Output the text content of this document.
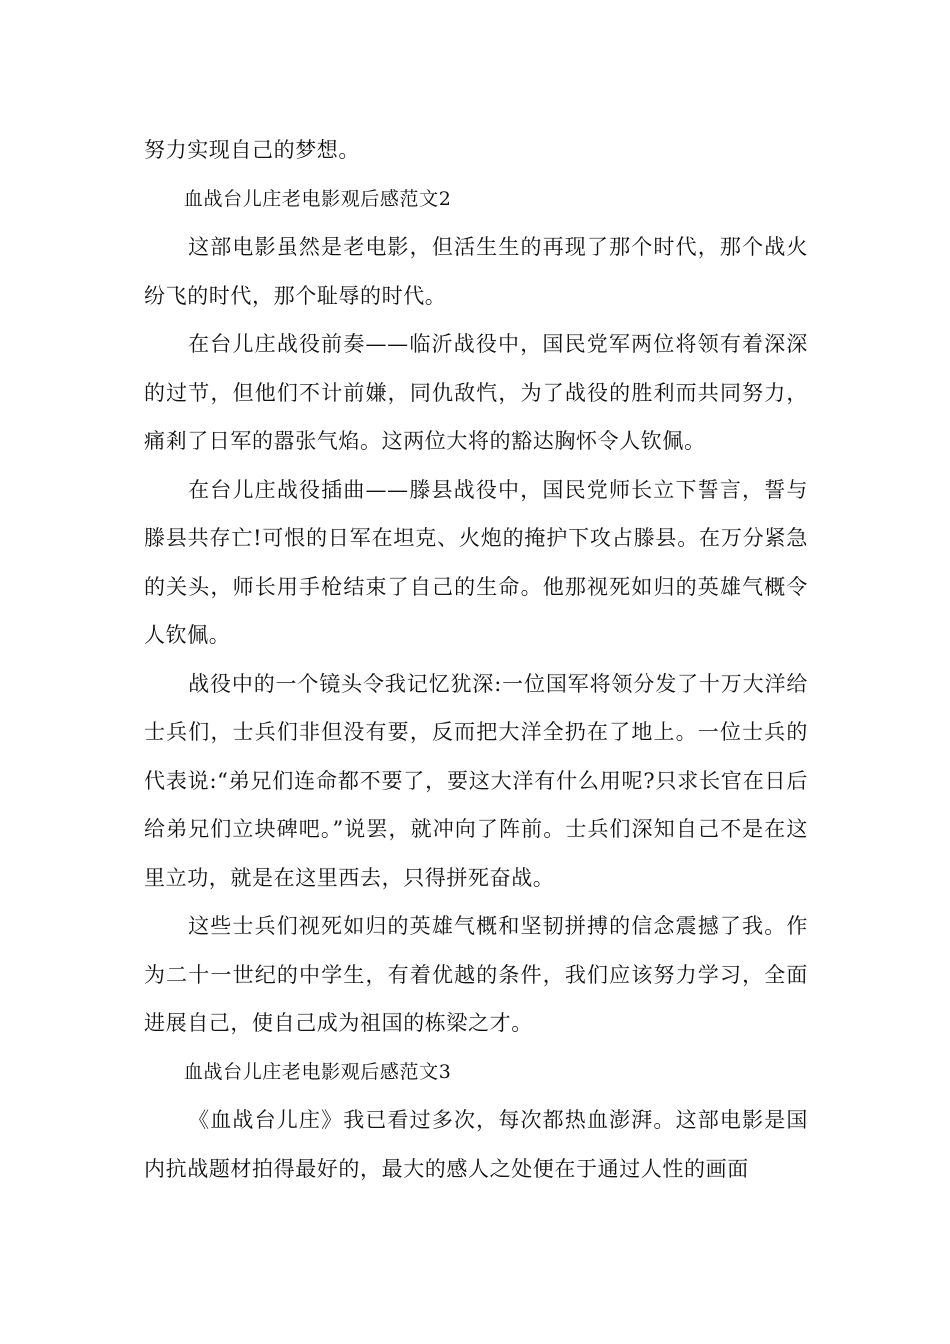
努力实现自己的梦想。

血战台儿庄老电影观后感范文2

这部电影虽然是老电影，但活生生的再现了那个时代，那个战火纷飞的时代，那个耻辱的时代。

在台儿庄战役前奏——临沂战役中，国民党军两位将领有着深深的过节，但他们不计前嫌，同仇敌忾，为了战役的胜利而共同努力，痛剎了日军的嚣张气焰。这两位大将的豁达胸怀令人钦佩。

在台儿庄战役插曲——滕县战役中，国民党师长立下誓言，誓与滕县共存亡!可恨的日军在坦克、火炮的掩护下攻占滕县。在万分紧急的关头，师长用手枪结束了自己的生命。他那视死如归的英雄气概令人钦佩。

战役中的一个镜头令我记忆犹深:一位国军将领分发了十万大洋给士兵们，士兵们非但没有要，反而把大洋全扔在了地上。一位士兵的代表说:“弟兄们连命都不要了，要这大洋有什么用呢?只求长官在日后给弟兄们立块碑吧。”说罢，就冲向了阵前。士兵们深知自己不是在这里立功，就是在这里西去，只得拼死奋战。

这些士兵们视死如归的英雄气概和坚韧拼搏的信念震撼了我。作为二十一世纪的中学生，有着优越的条件，我们应该努力学习，全面进展自己，使自己成为祖国的栋梁之才。

血战台儿庄老电影观后感范文3

《血战台儿庄》我已看过多次，每次都热血澎湃。这部电影是国内抗战题材拍得最好的，最大的感人之处便在于通过人性的画面
